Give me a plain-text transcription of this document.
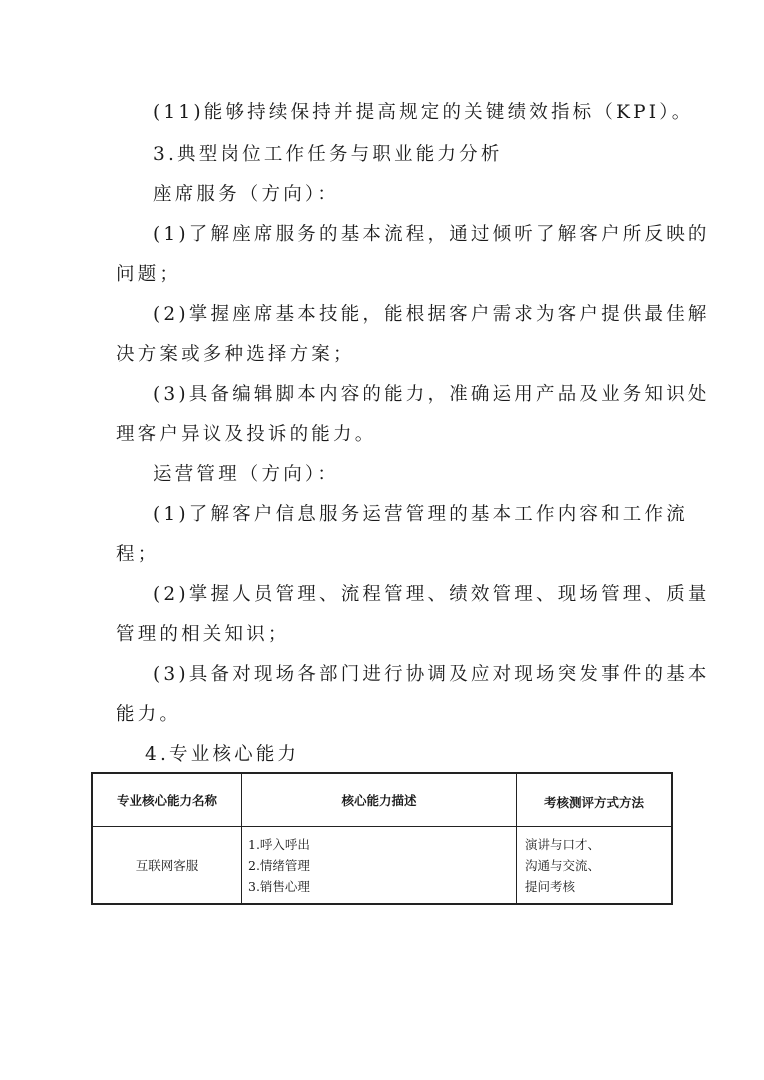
(11)能够持续保持并提高规定的关键绩效指标（KPI）。
3.典型岗位工作任务与职业能力分析
座席服务（方向）：
(1)了解座席服务的基本流程，通过倾听了解客户所反映的
问题；
(2)掌握座席基本技能，能根据客户需求为客户提供最佳解
决方案或多种选择方案；
(3)具备编辑脚本内容的能力，准确运用产品及业务知识处
理客户异议及投诉的能力。
运营管理（方向）：
(1)了解客户信息服务运营管理的基本工作内容和工作流
程；
(2)掌握人员管理、流程管理、绩效管理、现场管理、质量
管理的相关知识；
(3)具备对现场各部门进行协调及应对现场突发事件的基本
能力。
4.专业核心能力
专业核心能力名称	核心能力描述	考核测评方式方法
互联网客服	1.呼入呼出
2.情绪管理
3.销售心理	演讲与口才、
沟通与交流、
提问考核
